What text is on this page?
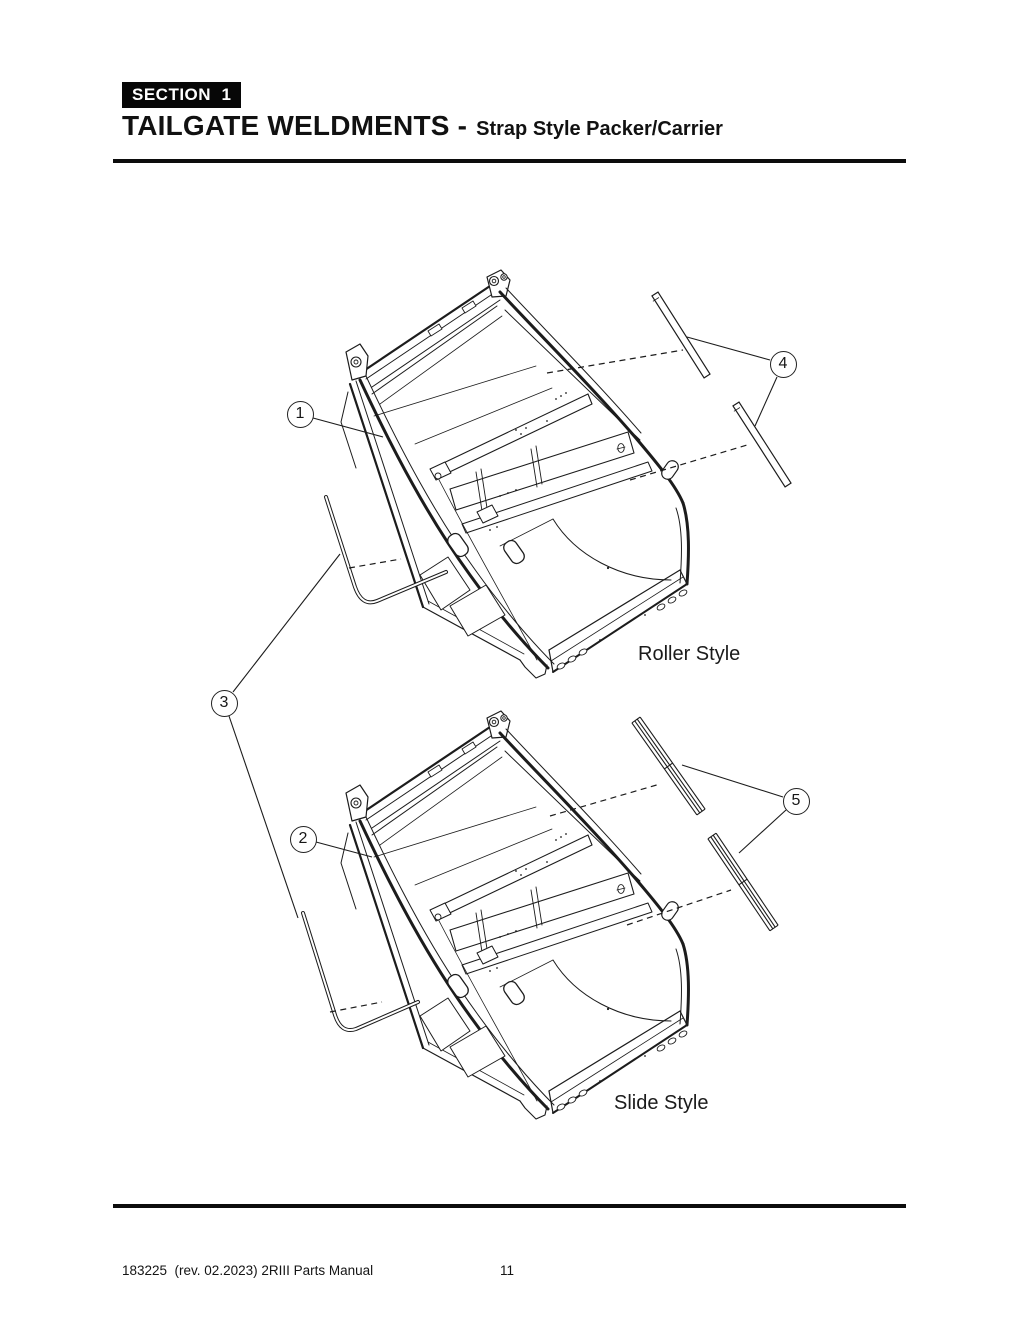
SECTION  1
TAILGATE WELDMENTS - Strap Style Packer/Carrier
1
2
3
4
5
Roller Style
Slide Style
183225  (rev. 02.2023) 2RIII Parts Manual	11
